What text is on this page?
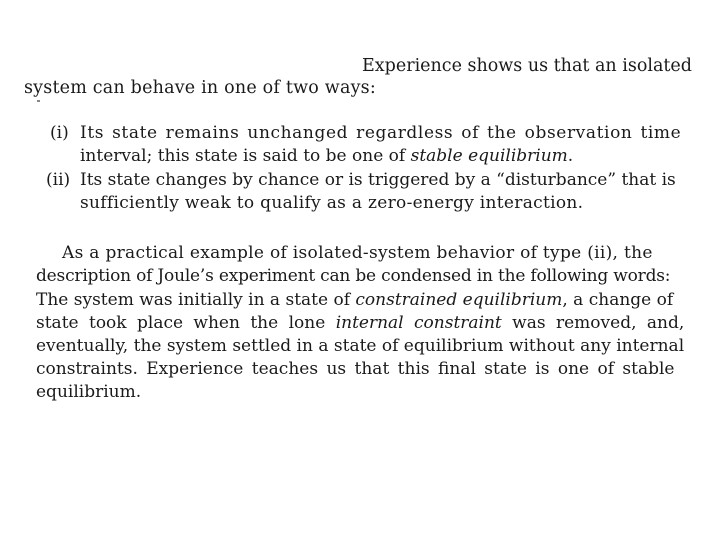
Experience shows us that an isolated
system can behave in one of two ways:
(i) Its state remains unchanged regardless of the observation time
interval; this state is said to be one of stable equilibrium.
(ii) Its state changes by chance or is triggered by a “disturbance” that is
sufficiently weak to qualify as a zero-energy interaction.
As a practical example of isolated-system behavior of type (ii), the
description of Joule’s experiment can be condensed in the following words:
The system was initially in a state of constrained equilibrium, a change of
state took place when the lone internal constraint was removed, and,
eventually, the system settled in a state of equilibrium without any internal
constraints. Experience teaches us that this final state is one of stable
equilibrium.
